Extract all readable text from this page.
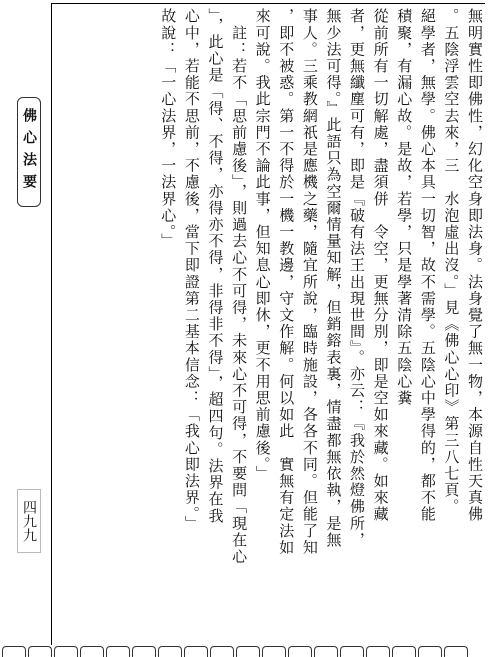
佛心法要
四九九	無明實性即佛性，幻化空身即法身。法身覺了無一物，本源自性天真佛
。五陰浮雲空去來，三　水泡虛出沒。」見《佛心心印》第三八七頁。
絕學者，無學。佛心本具一切智，故不需學。五陰心中學得的，都不能
積聚，有漏心故。是故，若學，只是學著清除五陰心糞
從前所有一切解處，盡須併　令空，更無分別，即是空如來藏。如來藏
者，更無纖塵可有，即是『破有法王出現世間』。亦云：『我於然燈佛所，
無少法可得。』此語只為空爾情量知解，但銷鎔表裏，情盡都無依執，是無
事人。三乘教網祇是應機之藥，隨宜所說，臨時施設，各各不同。但能了知
，即不被惑。第一不得於一機一教邊，守文作解。何以如此　實無有定法如
來可說。我此宗門不論此事，但知息心即休，更不用思前慮後。」
　註：若不「思前慮後」，則過去心不可得，未來心不可得，不要問「現在心
」，此心是「得、不得，亦得亦不得，非得非不得」，超四句。法界在我
心中，若能不思前，不慮後，當下即證第二基本信念：「我心即法界。」
故說：「一心法界，一法界心。」
